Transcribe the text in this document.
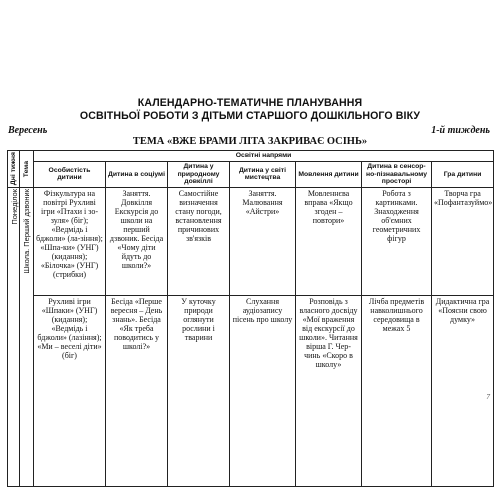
КАЛЕНДАРНО-ТЕМАТИЧНЕ ПЛАНУВАННЯ
ОСВІТНЬОЇ РОБОТИ З ДІТЬМИ СТАРШОГО ДОШКІЛЬНОГО ВІКУ
Вересень	1-й тиждень
ТЕМА «ВЖЕ БРАМИ ЛІТА ЗАКРИВАЄ ОСІНЬ»
Дні тижня	Тема	Освітні напрями						
		Особистість дитини	Дитина в соціумі	Дитина у природному довкіллі	Дитина у світі мистецтва	Мовлення дитини	Дитина в сенсор-но-пізнавальному просторі	Гра дитини

Понеділок	Школа. Перший дзвоник	Фізкультура на повітрі Рухливі ігри «Птахи і зо-зуля» (біг); «Ведмідь і бджоли» (ла-зіння); «Шпа-ки» (УНГ) (кидання); «Білочка» (УНГ) (стрибки)	Заняття. Довкілля Екскурсія до школи на перший дзвоник. Бесіда «Чому діти йдуть до школи?»	Самостійне визначення стану погоди, встановлення причинових зв'язків	Заняття. Малювання «Айстри»	Мовленнєва вправа «Якщо згоден – повтори»	Робота з картинками. Знаходження об'ємних геометричних фігур	Творча гра «Пофантазуймо»

		Рухливі ігри «Шпаки» (УНГ) (кидання); «Ведмідь і бджоли» (лазіння); «Ми – веселі діти» (біг)	Бесіда «Перше вересня – День знань». Бесіда «Як треба поводитись у школі?»	У куточку природи оглянути рослини і тварини	Слухання аудіозапису пісень про школу	Розповідь з власного досвіду «Мої враження від екскурсії до школи». Читання вірша Г. Чер-чинь «Скоро в школу»	Лічба предметів навколишнього середовища в межах 5	Дидактична гра «Поясни свою думку»
7
